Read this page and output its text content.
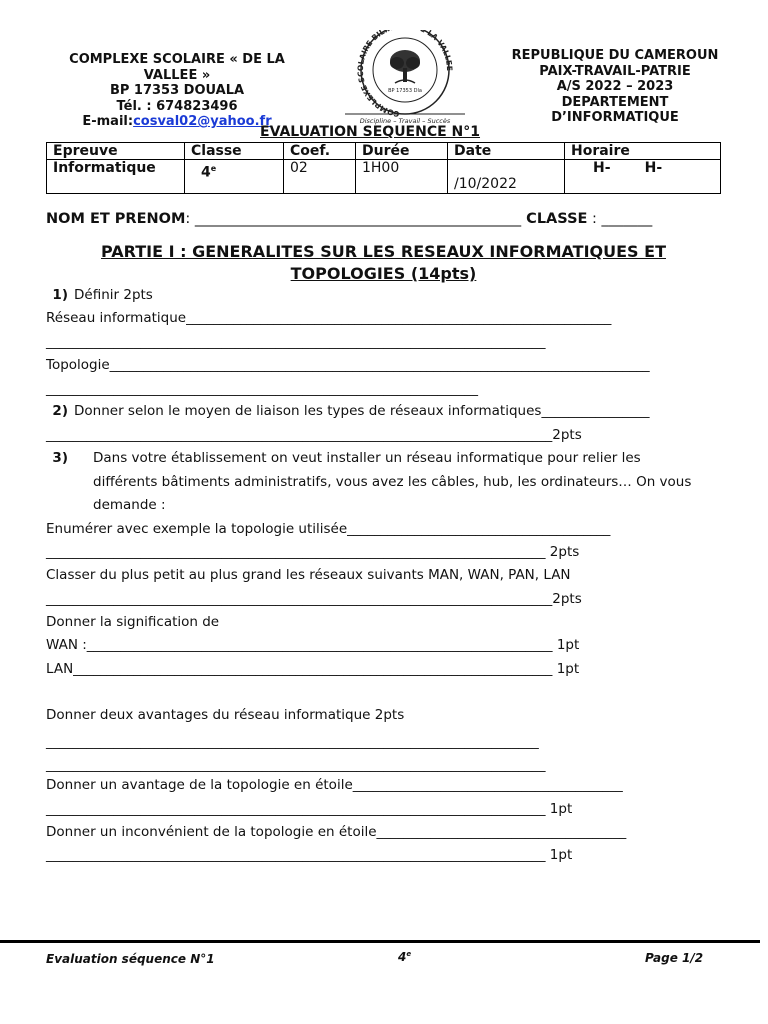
COMPLEXE SCOLAIRE « DE LA
VALLEE »
BP 17353 DOUALA
Tél. : 674823496
E-mail:cosval02@yahoo.fr
COMPLEXE SCOLAIRE BILI LA VALLEE
BP 17353 Dla
Discipline – Travail – Succès
REPUBLIQUE DU CAMEROUN
PAIX-TRAVAIL-PATRIE
A/S 2022 – 2023
DEPARTEMENT
D’INFORMATIQUE
EVALUATION SEQUENCE N°1
Epreuve	Classe	Coef.	Durée	Date	Horaire
Informatique	4e	02	1H00	/10/2022	H-       H-
NOM ET PRENOM: _____________________________________________ CLASSE : _______
PARTIE I : GENERALITES SUR LES RESEAUX INFORMATIQUES ET TOPOLOGIES (14pts)
1) Définir 2pts
Réseau informatique_______________________________________________________________
__________________________________________________________________________
Topologie________________________________________________________________________________
________________________________________________________________
2) Donner selon le moyen de liaison les types de réseaux informatiques________________
___________________________________________________________________________2pts
3) Dans votre établissement on veut installer un réseau informatique pour relier les différents bâtiments administratifs, vous avez les câbles, hub, les ordinateurs… On vous demande :
Enumérer avec exemple la topologie utilisée_______________________________________
__________________________________________________________________________ 2pts
Classer du plus petit au plus grand les réseaux suivants MAN, WAN, PAN, LAN
___________________________________________________________________________2pts
Donner la signification de
WAN :_____________________________________________________________________ 1pt
LAN_______________________________________________________________________ 1pt
Donner deux avantages du réseau informatique 2pts
_________________________________________________________________________
__________________________________________________________________________
Donner un avantage de la topologie en étoile________________________________________
__________________________________________________________________________ 1pt
Donner un inconvénient de la topologie en étoile_____________________________________
__________________________________________________________________________ 1pt
Evaluation séquence N°1	4e	Page 1/2
